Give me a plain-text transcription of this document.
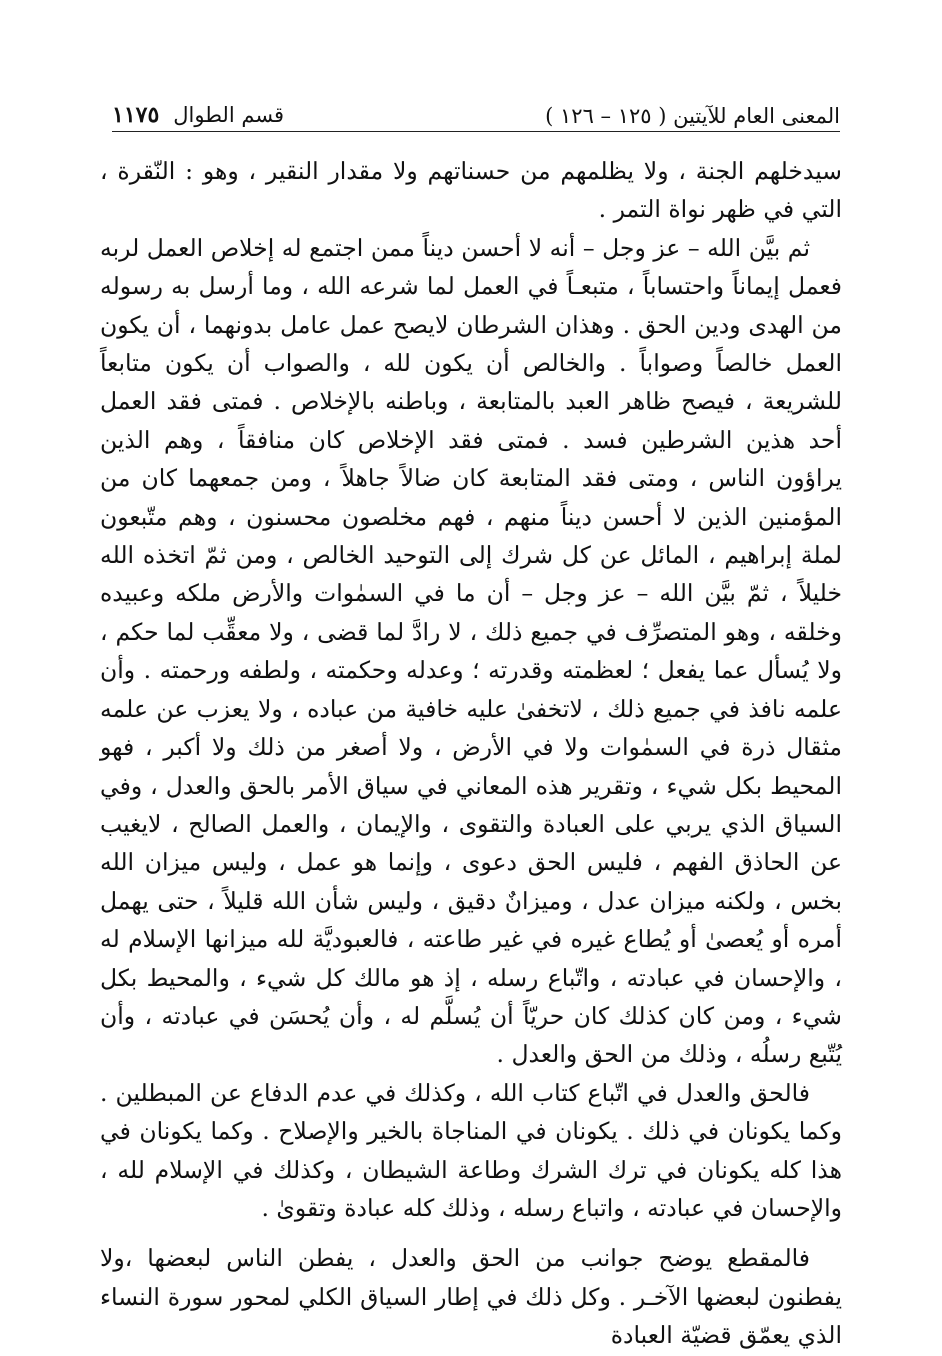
المعنى العام للآيتين ( ١٢٥ – ١٢٦ )
قسم الطوال
١١٧٥

سيدخلهم الجنة ، ولا يظلمهم من حسناتهم ولا مقدار النقير ، وهو : النّقرة ، التي في ظهر نواة التمر .

ثم بيَّن الله – عز وجل – أنه لا أحسن ديناً ممن اجتمع له إخلاص العمل لربه فعمل إيماناً واحتساباً ، متبعـاً في العمل لما شرعه الله ، وما أرسل به رسوله من الهدى ودين الحق . وهذان الشرطان لايصح عمل عامل بدونهما ، أن يكون العمل خالصاً وصواباً . والخالص أن يكون لله ، والصواب أن يكون متابعاً للشريعة ، فيصح ظاهر العبد بالمتابعة ، وباطنه بالإخلاص . فمتى فقد العمل أحد هذين الشرطين فسد . فمتى فقد الإخلاص كان منافقاً ، وهم الذين يراؤون الناس ، ومتى فقد المتابعة كان ضالاً جاهلاً ، ومن جمعهما كان من المؤمنين الذين لا أحسن ديناً منهم ، فهم مخلصون محسنون ، وهم متّبعون لملة إبراهيم ، المائل عن كل شرك إلى التوحيد الخالص ، ومن ثمّ اتخذه الله خليلاً ، ثمّ بيَّن الله – عز وجل – أن ما في السمٰوات والأرض ملكه وعبيده وخلقه ، وهو المتصرِّف في جميع ذلك ، لا رادَّ لما قضى ، ولا معقِّب لما حكم ، ولا يُسأل عما يفعل ؛ لعظمته وقدرته ؛ وعدله وحكمته ، ولطفه ورحمته . وأن علمه نافذ في جميع ذلك ، لاتخفىٰ عليه خافية من عباده ، ولا يعزب عن علمه مثقال ذرة في السمٰوات ولا في الأرض ، ولا أصغر من ذلك ولا أكبر ، فهو المحيط بكل شيء ، وتقرير هذه المعاني في سياق الأمر بالحق والعدل ، وفي السياق الذي يربي على العبادة والتقوى ، والإيمان ، والعمل الصالح ، لايغيب عن الحاذق الفهم ، فليس الحق دعوى ، وإنما هو عمل ، وليس ميزان الله بخس ، ولكنه ميزان عدل ، وميزانٌ دقيق ، وليس شأن الله قليلاً ، حتى يهمل أمره أو يُعصىٰ أو يُطاع غيره في غير طاعته ، فالعبوديَّة لله ميزانها الإسلام له ، والإحسان في عبادته ، واتّباع رسله ، إذ هو مالك كل شيء ، والمحيط بكل شيء ، ومن كان كذلك كان حريّاً أن يُسلَّم له ، وأن يُحسَن في عبادته ، وأن يُتّبع رسلُه ، وذلك من الحق والعدل .

فالحق والعدل في اتّباع كتاب الله ، وكذلك في عدم الدفاع عن المبطلين . وكما يكونان في ذلك . يكونان في المناجاة بالخير والإصلاح . وكما يكونان في هذا كله يكونان في ترك الشرك وطاعة الشيطان ، وكذلك في الإسلام لله ، والإحسان في عبادته ، واتباع رسله ، وذلك كله عبادة وتقوىٰ .

فالمقطع يوضح جوانب من الحق والعدل ، يفطن الناس لبعضها ،ولا يفطنون لبعضها الآخـر . وكل ذلك في إطار السياق الكلي لمحور سورة النساء الذي يعمّق قضيّة العبادة
